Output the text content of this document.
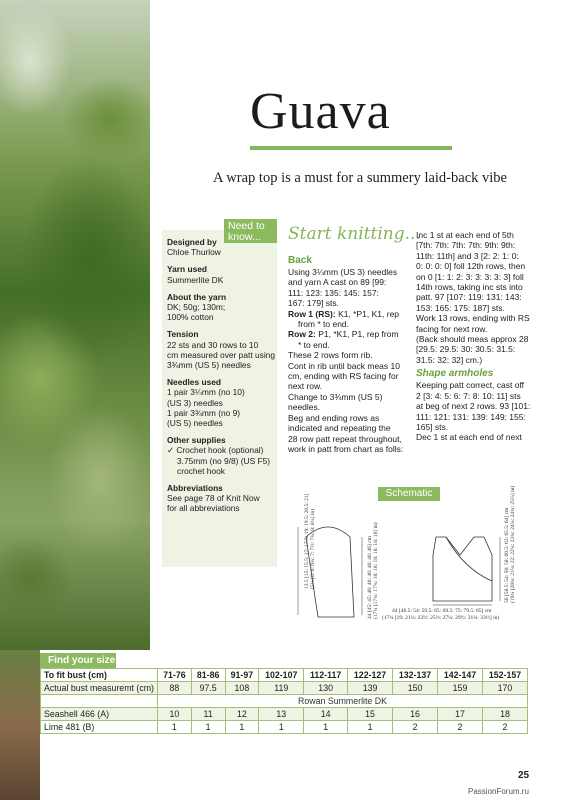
Guava
A wrap top is a must for a summery laid-back vibe
Need to know...

Designed by

Chloe Thurlow

Yarn used

Summerlite DK

About the yarn

DK; 50g; 130m;

100% cotton

Tension

22 sts and 30 rows to 10

cm measured over patt using

3¾mm (US 5) needles

Needles used

1 pair 3¼mm (no 10)

(US 3) needles

1 pair 3¾mm (no 9)

(US 5) needles

Other supplies

✓ Crochet hook (optional)

3.75mm (no 9/8) (US F5)

crochet hook

Abbreviations

See page 78 of Knit Now

for all abbreviations

Start knitting...

Back

Using 3¼mm (US 3) needles

and yarn A cast on 89 [99:

111: 123: 135: 145: 157:

167: 179] sts.

Row 1 (RS): K1, *P1, K1, rep

from * to end.

Row 2: P1, *K1, P1, rep from

* to end.

These 2 rows form rib.

Cont in rib until back meas 10

cm, ending with RS facing for

next row.

Change to 3¾mm (US 5)

needles.

Beg and ending rows as

indicated and repeating the

28 row patt repeat throughout,

work in patt from chart as folls:

Inc 1 st at each end of 5th

[7th: 7th: 7th: 7th: 9th: 9th:

11th: 11th] and 3 [2: 2: 1: 0:

0: 0: 0: 0] foll 12th rows, then

on 0 [1: 1: 2: 3: 3: 3: 3: 3] foll

14th rows, taking inc sts into

patt. 97 [107: 119: 131: 143:

153: 165: 175: 187] sts.

Work 13 rows, ending with RS

facing for next row.

(Back should meas approx 28

[29.5: 29.5: 30: 30.5: 31.5:

31.5: 32: 32] cm.)

Shape armholes

Keeping patt correct, cast off

2 [3: 4: 5: 6: 7: 8: 10: 11] sts

at beg of next 2 rows. 93 [101:

111: 121: 131: 139: 149: 155:

165] sts.

Dec 1 st at each end of next

Schematic
13.5 [15: 15.5: 17: 17.5: 19: 19.5: 20.5: 21] (5¼ [6: 6: 6¾: 7: 7½: 7¾: 8: 8¼] in)	44 [45: 45: 46: 46: 46: 46: 46: 46] cm (17¼ [17¾: 17¾: 18: 18: 18: 18: 18: 18] in)	56 [58.5: 54: 56: 58: 60.5: 63: 65.5: 64] cm (19¾ [20¾: 21¼: 22: 22¾: 23¾: 24¾: 24¾: 25¼] in)
44 [46.5: 54: 59.5: 65: 69.5: 75: 79.5: 85] cm
(17¼ [19: 21¼: 23½: 25½: 27¼: 29½: 31¼: 33½] in)
Find your size
To fit bust (cm)	71-76	81-86	91-97	102-107	112-117	122-127	132-137	142-147	152-157
Actual bust measuremt (cm)	88	97.5	108	119	130	139	150	159	170
	Rowan Summerlite DK								
Seashell 466 (A)	10	11	12	13	14	15	16	17	18
Lime 481 (B)	1	1	1	1	1	1	2	2	2
25
PassionForum.ru
